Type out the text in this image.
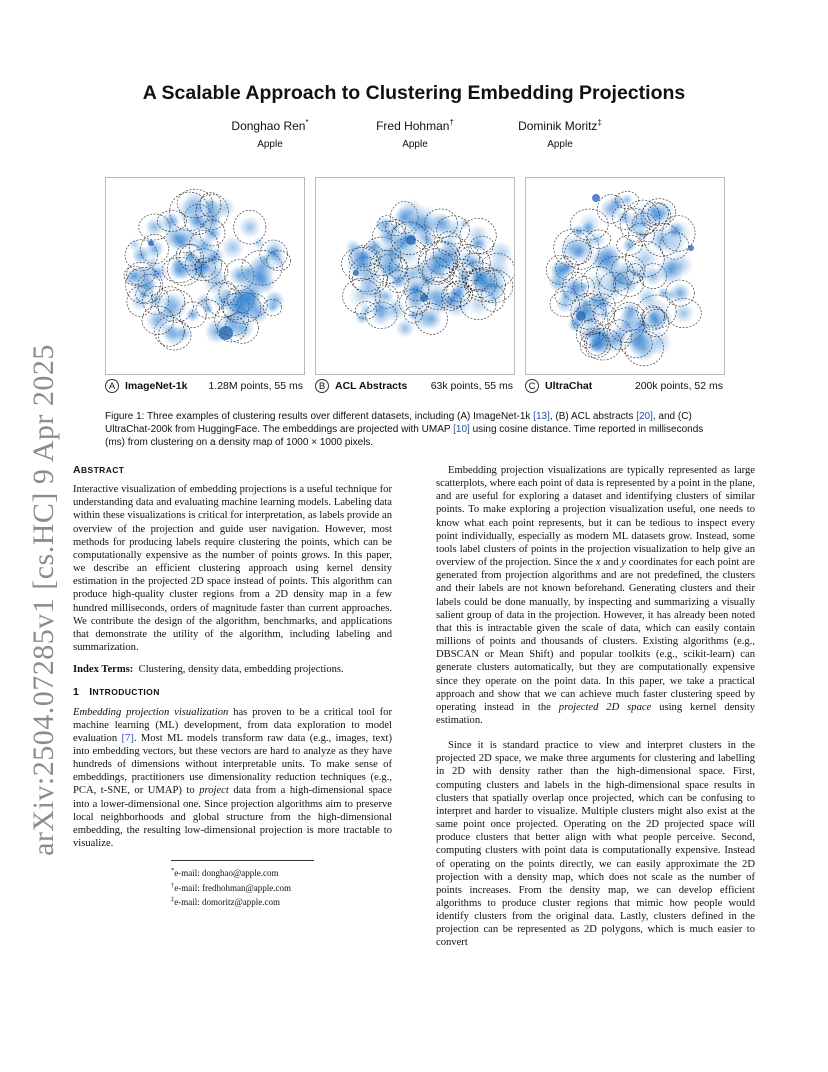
arXiv:2504.07285v1 [cs.HC] 9 Apr 2025
A Scalable Approach to Clustering Embedding Projections
Donghao Ren*
Apple
Fred Hohman†
Apple
Dominik Moritz‡
Apple
A ImageNet-1k 1.28M points, 55 ms	B ACL Abstracts 63k points, 55 ms	C UltraChat	200k points, 52 ms
Figure 1: Three examples of clustering results over different datasets, including (A) ImageNet-1k [13], (B) ACL abstracts [20], and (C) UltraChat-200k from HuggingFace. The embeddings are projected with UMAP [10] using cosine distance. Time reported in milliseconds (ms) from clustering on a density map of 1000 × 1000 pixels.
ABSTRACT

Interactive visualization of embedding projections is a useful technique for understanding data and evaluating machine learning models. Labeling data within these visualizations is critical for interpretation, as labels provide an overview of the projection and guide user navigation. However, most methods for producing labels require clustering the points, which can be computationally expensive as the number of points grows. In this paper, we describe an efficient clustering approach using kernel density estimation in the projected 2D space instead of points. This algorithm can produce high-quality cluster regions from a 2D density map in a few hundred milliseconds, orders of magnitude faster than current approaches. We contribute the design of the algorithm, benchmarks, and applications that demonstrate the utility of the algorithm, including labeling and summarization.

Index Terms: Clustering, density data, embedding projections.

1 INTRODUCTION

Embedding projection visualization has proven to be a critical tool for machine learning (ML) development, from data exploration to model evaluation [7]. Most ML models transform raw data (e.g., images, text) into embedding vectors, but these vectors are hard to analyze as they have hundreds of dimensions without interpretable units. To make sense of embeddings, practitioners use dimensionality reduction techniques (e.g., PCA, t-SNE, or UMAP) to project data from a high-dimensional space into a lower-dimensional one. Since projection algorithms aim to preserve local neighborhoods and global structure from the high-dimensional embedding, the resulting low-dimensional projection is more tractable to visualize.

*e-mail: donghao@apple.com
†e-mail: fredhohman@apple.com
‡e-mail: domoritz@apple.com

Embedding projection visualizations are typically represented as large scatterplots, where each point of data is represented by a point in the plane, and are useful for exploring a dataset and identifying clusters of similar points. To make exploring a projection visualization useful, one needs to know what each point represents, but it can be tedious to inspect every point individually, especially as modern ML datasets grow. Instead, some tools label clusters of points in the projection visualization to help give an overview of the projection. Since the x and y coordinates for each point are generated from projection algorithms and are not predefined, the clusters and their labels are not known beforehand. Generating clusters and their labels could be done manually, by inspecting and summarizing a visually salient group of data in the projection. However, it has already been noted that this is intractable given the scale of data, which can easily contain millions of points and thousands of clusters. Existing algorithms (e.g., DBSCAN or Mean Shift) and popular toolkits (e.g., scikit-learn) can generate clusters automatically, but they are computationally expensive since they operate on the point data. In this paper, we take a practical approach and show that we can achieve much faster clustering speed by operating instead in the projected 2D space using kernel density estimation.

Since it is standard practice to view and interpret clusters in the projected 2D space, we make three arguments for clustering and labelling in 2D with density rather than the high-dimensional space. First, computing clusters and labels in the high-dimensional space results in clusters that spatially overlap once projected, which can be confusing to interpret and harder to visualize. Multiple clusters might also exist at the same point once projected. Operating on the 2D projected space will produce clusters that better align with what people perceive. Second, computing clusters with point data is computationally expensive. Instead of operating on the points directly, we can easily approximate the 2D projection with a density map, which does not scale as the number of points increases. From the density map, we can develop efficient algorithms to produce cluster regions that mimic how people would identify clusters from the original data. Lastly, clusters defined in the projection can be represented as 2D polygons, which is much easier to convert
